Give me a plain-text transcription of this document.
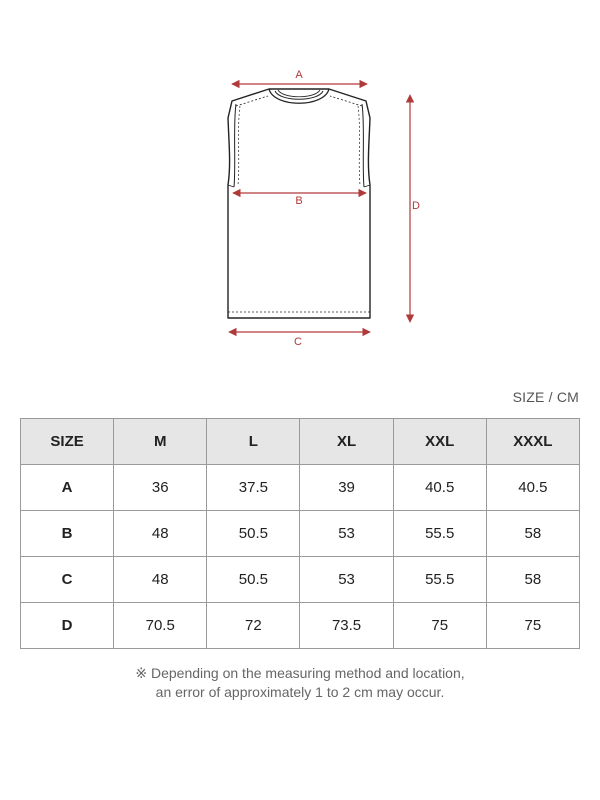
A
B
C
D
SIZE / CM
SIZE	M	L	XL	XXL	XXXL
A	36	37.5	39	40.5	40.5
B	48	50.5	53	55.5	58
C	48	50.5	53	55.5	58
D	70.5	72	73.5	75	75
※ Depending on the measuring method and location,
an error of approximately 1 to 2 cm may occur.
